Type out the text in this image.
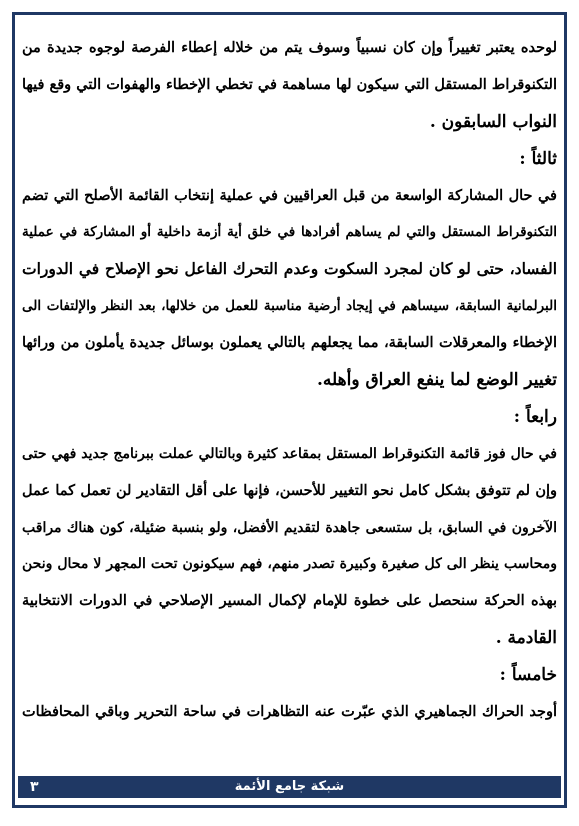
لوحده يعتبر تغييراً وإن كان نسبياً وسوف يتم من خلاله إعطاء الفرصة لوجوه جديدة من
التكنوقراط المستقل التي سيكون لها مساهمة في تخطي الإخطاء والهفوات التي وقع فيها
النواب السابقون .
ثالثاً :
في حال المشاركة الواسعة من قبل العراقيين في عملية إنتخاب القائمة الأصلح التي تضم
التكنوقراط المستقل والتي لم يساهم أفرادها في خلق أية أزمة داخلية أو المشاركة في عملية
الفساد، حتى لو كان لمجرد السكوت وعدم التحرك الفاعل نحو الإصلاح في الدورات
البرلمانية السابقة، سيساهم في إيجاد أرضية مناسبة للعمل من خلالها، بعد النظر والإلتفات الى
الإخطاء والمعرقلات السابقة، مما يجعلهم بالتالي يعملون بوسائل جديدة يأملون من ورائها
تغيير الوضع لما ينفع العراق وأهله.
رابعاً :
في حال فوز قائمة التكنوقراط المستقل بمقاعد كثيرة وبالتالي عملت ببرنامج جديد فهي حتى
وإن لم تتوفق بشكل كامل نحو التغيير للأحسن، فإنها على أقل التقادير لن تعمل كما عمل
الآخرون في السابق، بل ستسعى جاهدة لتقديم الأفضل، ولو بنسبة ضئيلة، كون هناك مراقب
ومحاسب ينظر الى كل صغيرة وكبيرة تصدر منهم، فهم سيكونون تحت المجهر لا محال ونحن
بهذه الحركة سنحصل على خطوة للإمام لإكمال المسير الإصلاحي في الدورات الانتخابية
القادمة .
خامساً :
أوجد الحراك الجماهيري الذي عبّرت عنه التظاهرات في ساحة التحرير وباقي المحافظات
شبكة جامع الأئمة
٣
